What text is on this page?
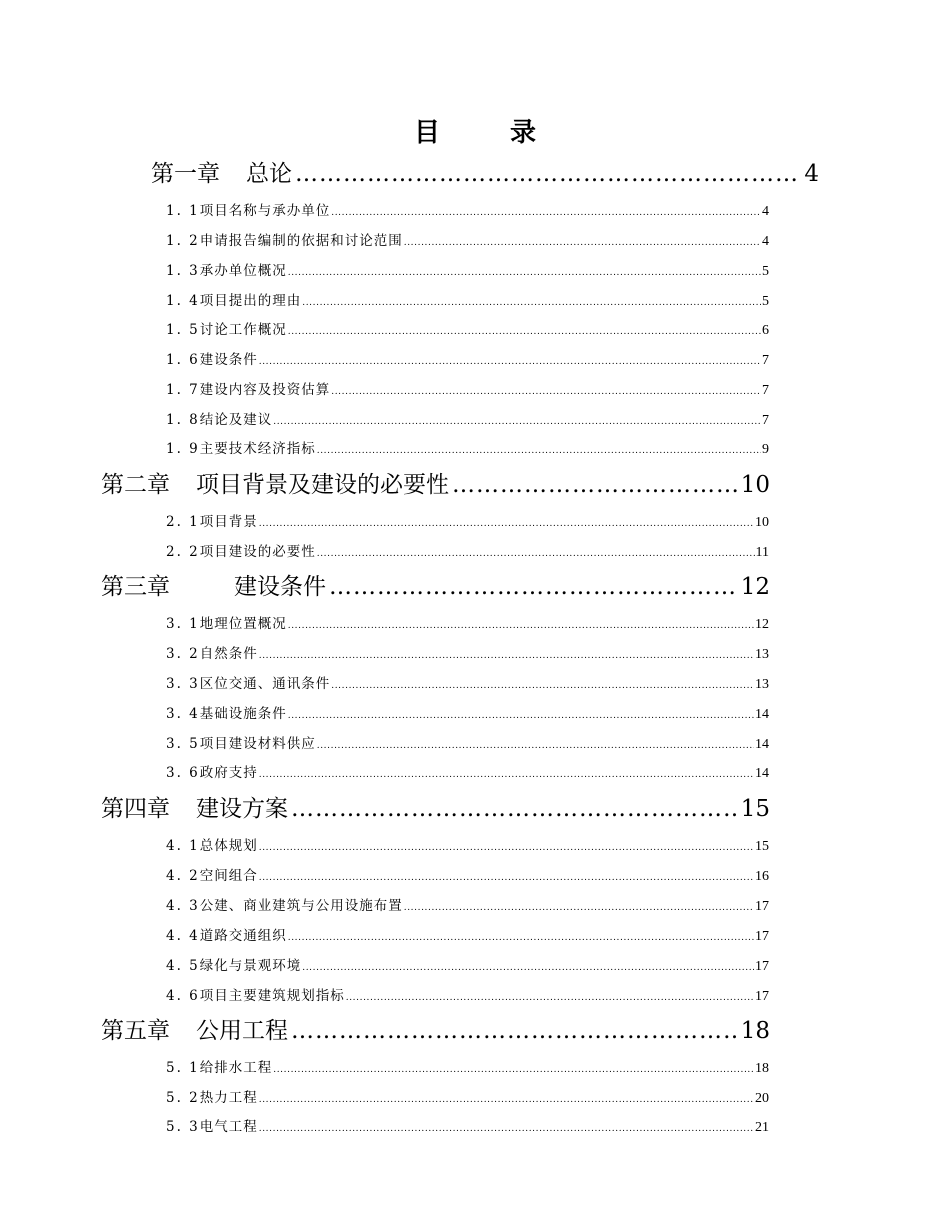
目	录
第一章 总论 …………………………………………………………………………………………………………………………………………	4
1. 1 项目名称与承办单位 .....	4
1. 2 申请报告编制的依据和讨论范围 .....	4
1. 3 承办单位概况 .....	5
1. 4 项目提出的理由 .....	5
1. 5 讨论工作概况 .....	6
1. 6 建设条件 .....	7
1. 7 建设内容及投资估算 .....	7
1. 8 结论及建议 .....	7
1. 9 主要技术经济指标 .....	9
第二章 项目背景及建设的必要性 …………………………………………………………………………………………………………………………………………	10
2. 1 项目背景 .....	10
2. 2 项目建设的必要性 .....	11
第三章	建设条件 …………………………………………………………………………………………………………………………………………	12
3. 1 地理位置概况 .....	12
3. 2 自然条件 .....	13
3. 3 区位交通、通讯条件 .....	13
3. 4 基础设施条件 .....	14
3. 5 项目建设材料供应 .....	14
3. 6 政府支持 .....	14
第四章 建设方案 …………………………………………………………………………………………………………………………………………	15
4. 1 总体规划 .....	15
4. 2 空间组合 .....	16
4. 3 公建、商业建筑与公用设施布置 .....	17
4. 4 道路交通组织 .....	17
4. 5 绿化与景观环境 .....	17
4. 6 项目主要建筑规划指标 .....	17
第五章 公用工程 …………………………………………………………………………………………………………………………………………	18
5. 1 给排水工程 .....	18
5. 2 热力工程 .....	20
5. 3 电气工程 .....	21
